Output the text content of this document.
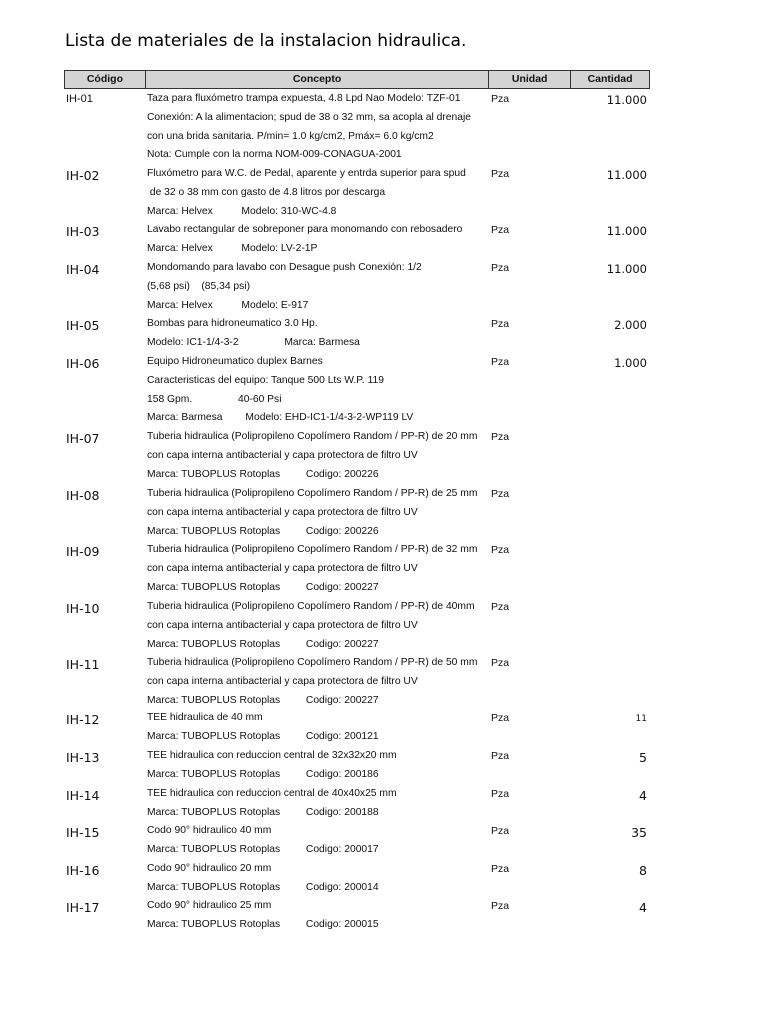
Lista de materiales de la instalacion hidraulica.
Código	Concepto	Unidad	Cantidad
IH-01	Taza para fluxómetro trampa expuesta, 4.8 Lpd Nao Modelo: TZF-01
Conexión: A la alimentacion; spud de 38 o 32 mm, sa acopla al drenaje
con una brida sanitaria. P/min= 1.0 kg/cm2, Pmáx= 6.0 kg/cm2
Nota: Cumple con la norma NOM-009-CONAGUA-2001
Pza	11.000
IH-02	Fluxómetro para W.C. de Pedal, aparente y entrda superior para spud
de 32 o 38 mm con gasto de 4.8 litros por descarga
Marca: Helvex          Modelo: 310-WC-4.8
Pza	11.000
IH-03	Lavabo rectangular de sobreponer para monomando con rebosadero
Marca: Helvex          Modelo: LV-2-1P
Pza	11.000
IH-04	Mondomando para lavabo con Desague push Conexión: 1/2
(5,68 psi)    (85,34 psi)
Marca: Helvex          Modelo: E-917
Pza	11.000
IH-05	Bombas para hidroneumatico 3.0 Hp.
Modelo: IC1-1/4-3-2                Marca: Barmesa
Pza	2.000
IH-06	Equipo Hidroneumatico duplex Barnes
Caracteristicas del equipo: Tanque 500 Lts W.P. 119
158 Gpm.                40-60 Psi
Marca: Barmesa        Modelo: EHD-IC1-1/4-3-2-WP119 LV
Pza	1.000
IH-07	Tuberia hidraulica (Polipropileno Copolímero Random / PP-R) de 20 mm
con capa interna antibacterial y capa protectora de filtro UV
Marca: TUBOPLUS Rotoplas         Codigo: 200226
Pza
IH-08	Tuberia hidraulica (Polipropileno Copolímero Random / PP-R) de 25 mm
con capa interna antibacterial y capa protectora de filtro UV
Marca: TUBOPLUS Rotoplas         Codigo: 200226
Pza
IH-09	Tuberia hidraulica (Polipropileno Copolímero Random / PP-R) de 32 mm
con capa interna antibacterial y capa protectora de filtro UV
Marca: TUBOPLUS Rotoplas         Codigo: 200227
Pza
IH-10	Tuberia hidraulica (Polipropileno Copolímero Random / PP-R) de 40mm
con capa interna antibacterial y capa protectora de filtro UV
Marca: TUBOPLUS Rotoplas         Codigo: 200227
Pza
IH-11	Tuberia hidraulica (Polipropileno Copolímero Random / PP-R) de 50 mm
con capa interna antibacterial y capa protectora de filtro UV
Marca: TUBOPLUS Rotoplas         Codigo: 200227
Pza
IH-12	TEE hidraulica de 40 mm
Marca: TUBOPLUS Rotoplas         Codigo: 200121
Pza	11
IH-13	TEE hidraulica con reduccion central de 32x32x20 mm
Marca: TUBOPLUS Rotoplas         Codigo: 200186
Pza	5
IH-14	TEE hidraulica con reduccion central de 40x40x25 mm
Marca: TUBOPLUS Rotoplas         Codigo: 200188
Pza	4
IH-15	Codo 90° hidraulico 40 mm
Marca: TUBOPLUS Rotoplas         Codigo: 200017
Pza	35
IH-16	Codo 90° hidraulico 20 mm
Marca: TUBOPLUS Rotoplas         Codigo: 200014
Pza	8
IH-17	Codo 90° hidraulico 25 mm
Marca: TUBOPLUS Rotoplas         Codigo: 200015
Pza	4
